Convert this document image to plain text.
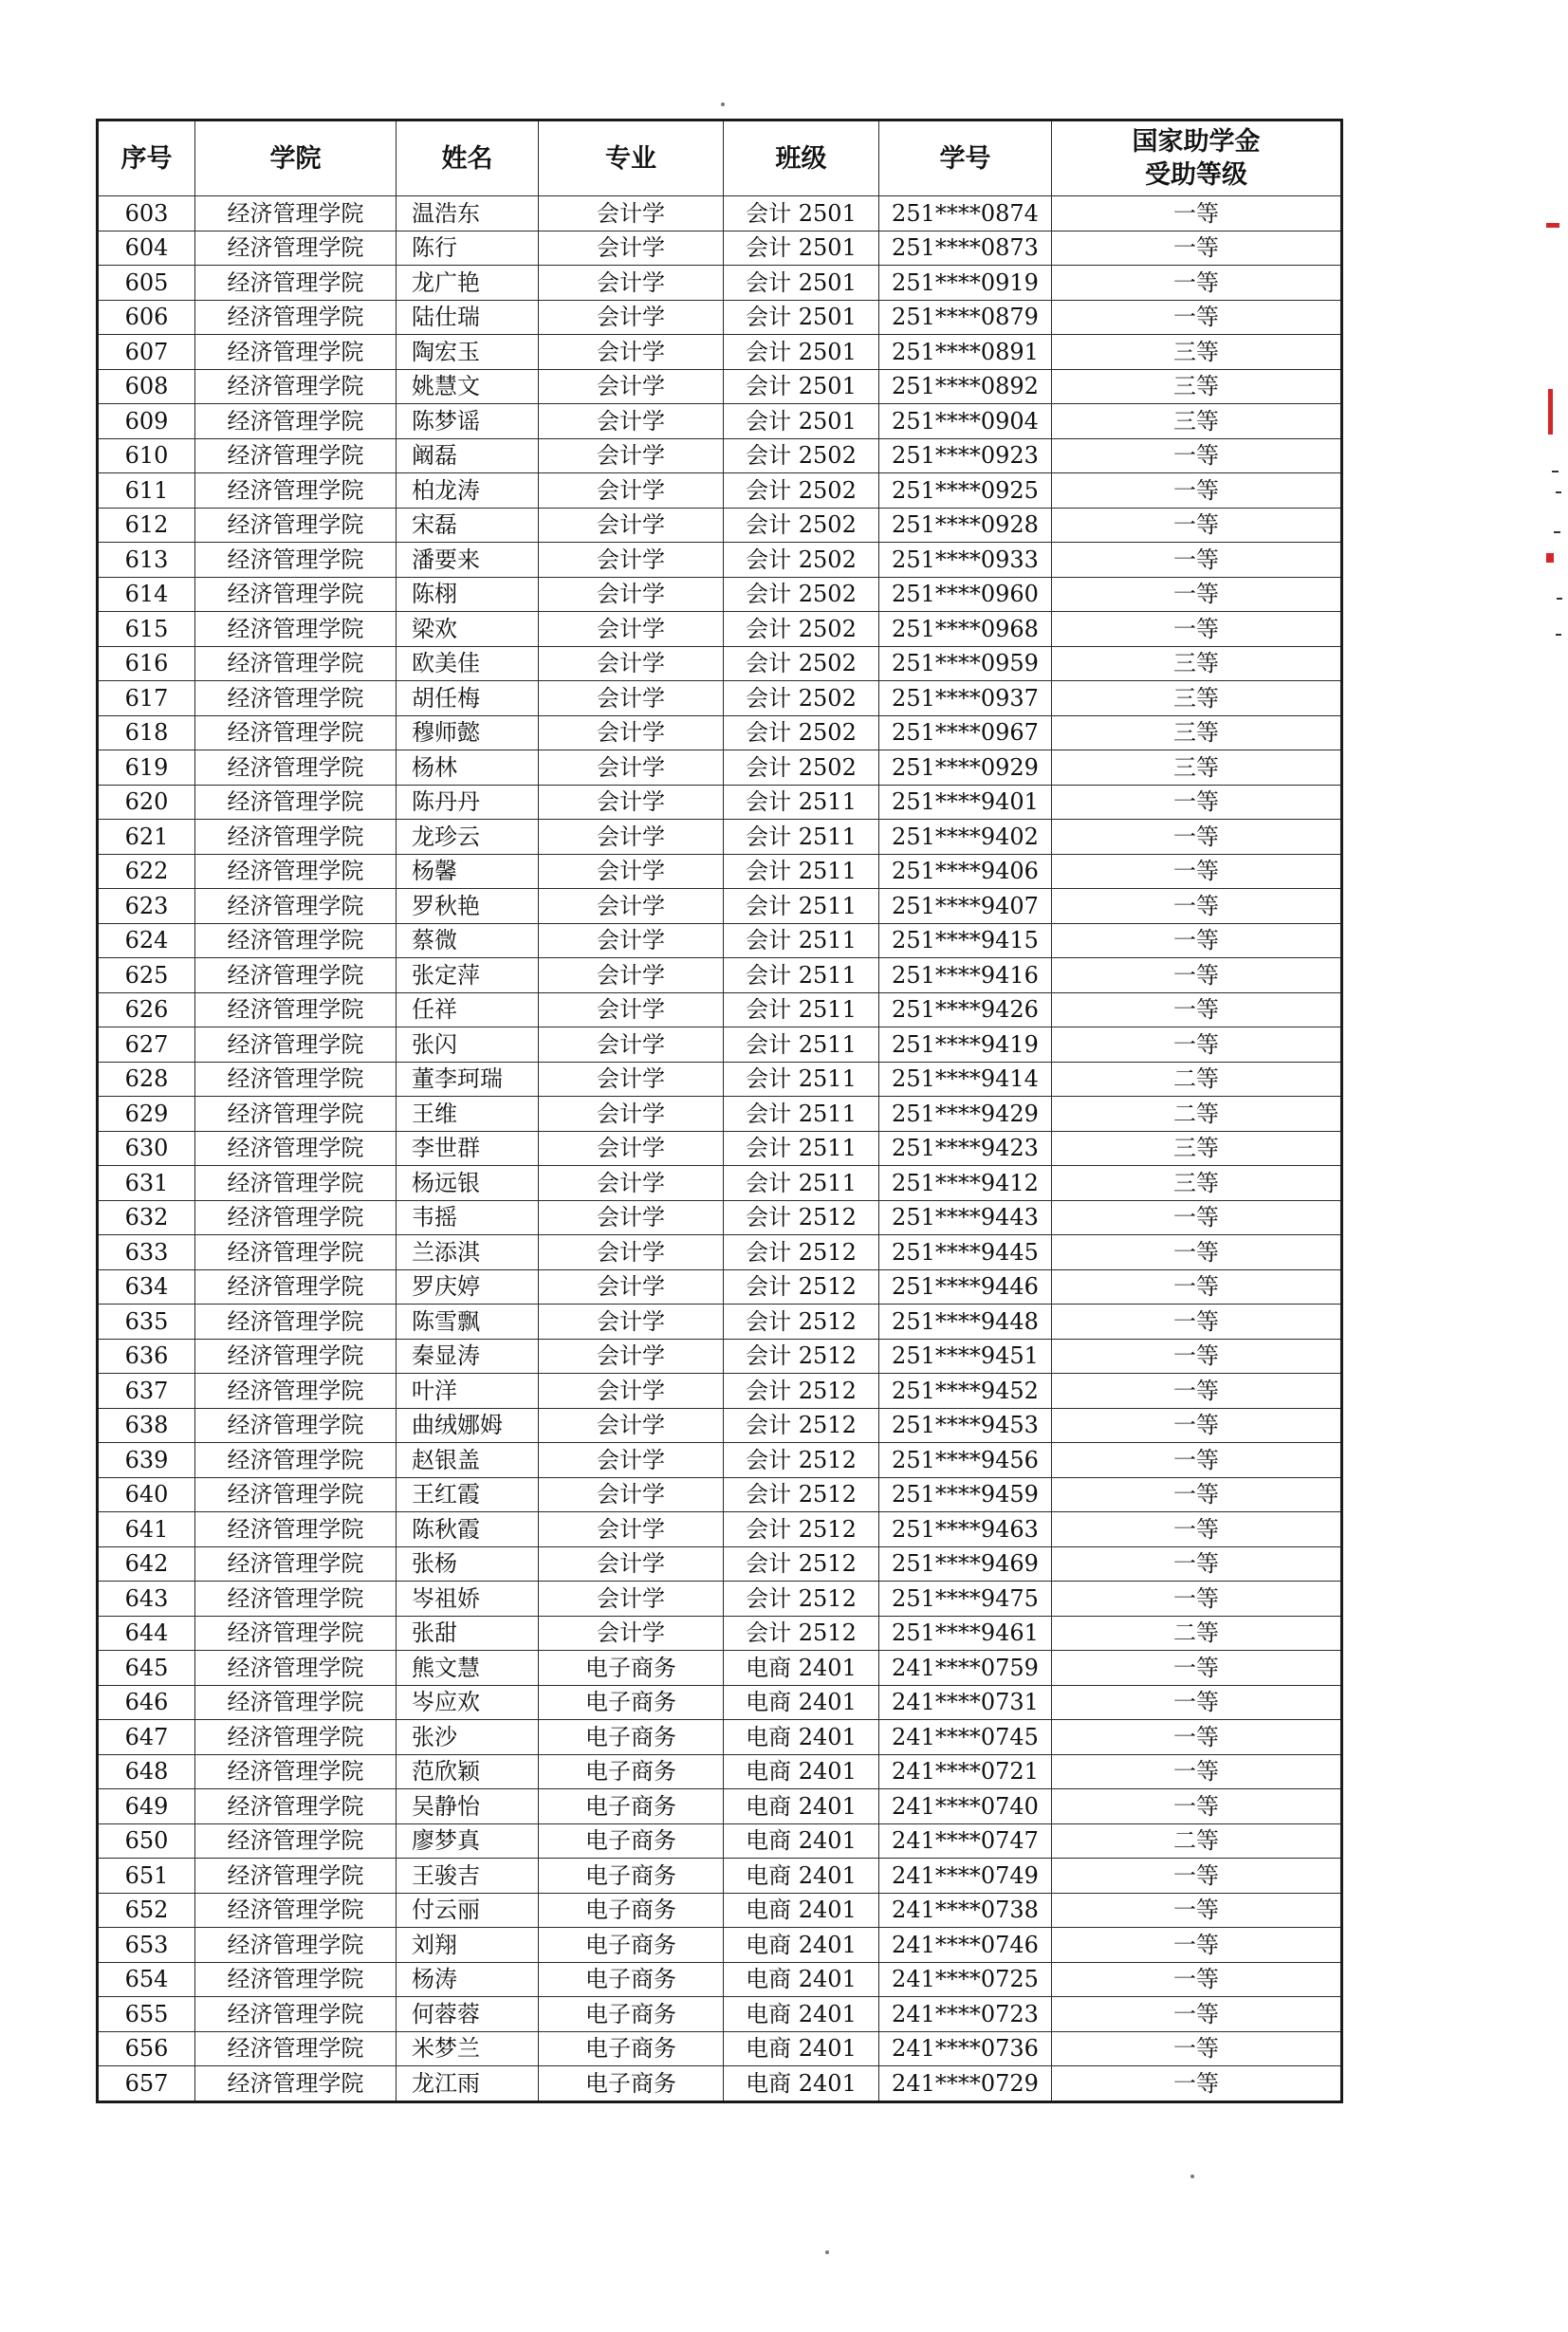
序号	学院	姓名	专业	班级	学号	国家助学金
受助等级

603	经济管理学院	温浩东	会计学	会计 2501	251****0874	一等
604	经济管理学院	陈行	会计学	会计 2501	251****0873	一等
605	经济管理学院	龙广艳	会计学	会计 2501	251****0919	一等
606	经济管理学院	陆仕瑞	会计学	会计 2501	251****0879	一等
607	经济管理学院	陶宏玉	会计学	会计 2501	251****0891	三等
608	经济管理学院	姚慧文	会计学	会计 2501	251****0892	三等
609	经济管理学院	陈梦谣	会计学	会计 2501	251****0904	三等
610	经济管理学院	阚磊	会计学	会计 2502	251****0923	一等
611	经济管理学院	柏龙涛	会计学	会计 2502	251****0925	一等
612	经济管理学院	宋磊	会计学	会计 2502	251****0928	一等
613	经济管理学院	潘要来	会计学	会计 2502	251****0933	一等
614	经济管理学院	陈栩	会计学	会计 2502	251****0960	一等
615	经济管理学院	梁欢	会计学	会计 2502	251****0968	一等
616	经济管理学院	欧美佳	会计学	会计 2502	251****0959	三等
617	经济管理学院	胡任梅	会计学	会计 2502	251****0937	三等
618	经济管理学院	穆师懿	会计学	会计 2502	251****0967	三等
619	经济管理学院	杨林	会计学	会计 2502	251****0929	三等
620	经济管理学院	陈丹丹	会计学	会计 2511	251****9401	一等
621	经济管理学院	龙珍云	会计学	会计 2511	251****9402	一等
622	经济管理学院	杨馨	会计学	会计 2511	251****9406	一等
623	经济管理学院	罗秋艳	会计学	会计 2511	251****9407	一等
624	经济管理学院	蔡微	会计学	会计 2511	251****9415	一等
625	经济管理学院	张定萍	会计学	会计 2511	251****9416	一等
626	经济管理学院	任祥	会计学	会计 2511	251****9426	一等
627	经济管理学院	张闪	会计学	会计 2511	251****9419	一等
628	经济管理学院	董李珂瑞	会计学	会计 2511	251****9414	二等
629	经济管理学院	王维	会计学	会计 2511	251****9429	二等
630	经济管理学院	李世群	会计学	会计 2511	251****9423	三等
631	经济管理学院	杨远银	会计学	会计 2511	251****9412	三等
632	经济管理学院	韦摇	会计学	会计 2512	251****9443	一等
633	经济管理学院	兰添淇	会计学	会计 2512	251****9445	一等
634	经济管理学院	罗庆婷	会计学	会计 2512	251****9446	一等
635	经济管理学院	陈雪飘	会计学	会计 2512	251****9448	一等
636	经济管理学院	秦显涛	会计学	会计 2512	251****9451	一等
637	经济管理学院	叶洋	会计学	会计 2512	251****9452	一等
638	经济管理学院	曲绒娜姆	会计学	会计 2512	251****9453	一等
639	经济管理学院	赵银盖	会计学	会计 2512	251****9456	一等
640	经济管理学院	王红霞	会计学	会计 2512	251****9459	一等
641	经济管理学院	陈秋霞	会计学	会计 2512	251****9463	一等
642	经济管理学院	张杨	会计学	会计 2512	251****9469	一等
643	经济管理学院	岑祖娇	会计学	会计 2512	251****9475	一等
644	经济管理学院	张甜	会计学	会计 2512	251****9461	二等
645	经济管理学院	熊文慧	电子商务	电商 2401	241****0759	一等
646	经济管理学院	岑应欢	电子商务	电商 2401	241****0731	一等
647	经济管理学院	张沙	电子商务	电商 2401	241****0745	一等
648	经济管理学院	范欣颖	电子商务	电商 2401	241****0721	一等
649	经济管理学院	吴静怡	电子商务	电商 2401	241****0740	一等
650	经济管理学院	廖梦真	电子商务	电商 2401	241****0747	二等
651	经济管理学院	王骏吉	电子商务	电商 2401	241****0749	一等
652	经济管理学院	付云丽	电子商务	电商 2401	241****0738	一等
653	经济管理学院	刘翔	电子商务	电商 2401	241****0746	一等
654	经济管理学院	杨涛	电子商务	电商 2401	241****0725	一等
655	经济管理学院	何蓉蓉	电子商务	电商 2401	241****0723	一等
656	经济管理学院	米梦兰	电子商务	电商 2401	241****0736	一等
657	经济管理学院	龙江雨	电子商务	电商 2401	241****0729	一等
